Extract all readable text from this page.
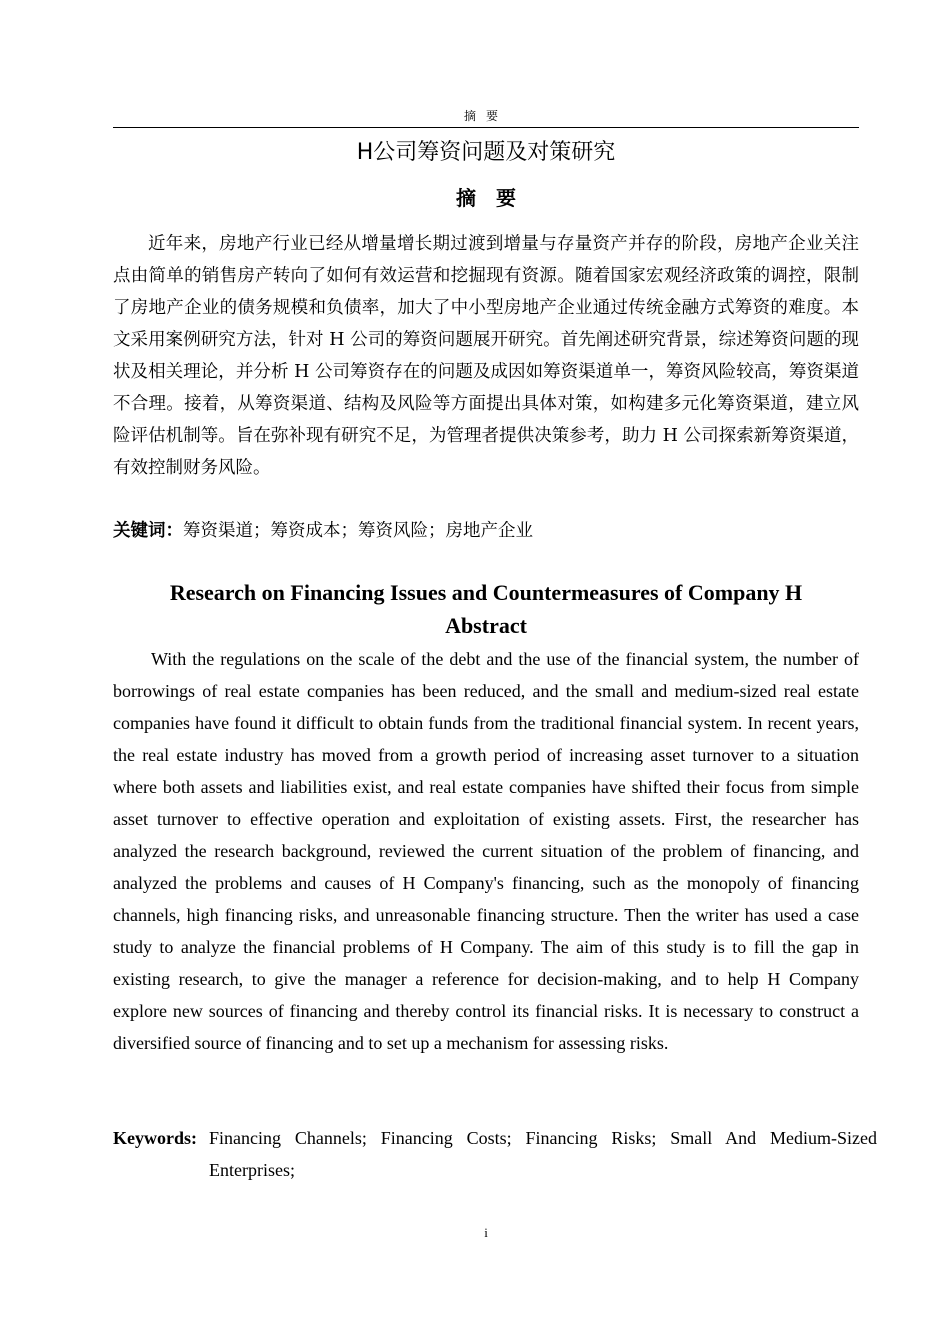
摘要
H公司筹资问题及对策研究
摘要

近年来，房地产行业已经从增量增长期过渡到增量与存量资产并存的阶段，房地产企业关注点由简单的销售房产转向了如何有效运营和挖掘现有资源。随着国家宏观经济政策的调控，限制了房地产企业的债务规模和负债率，加大了中小型房地产企业通过传统金融方式筹资的难度。本文采用案例研究方法，针对 H 公司的筹资问题展开研究。首先阐述研究背景，综述筹资问题的现状及相关理论，并分析 H 公司筹资存在的问题及成因如筹资渠道单一，筹资风险较高，筹资渠道不合理。接着，从筹资渠道、结构及风险等方面提出具体对策，如构建多元化筹资渠道，建立风险评估机制等。旨在弥补现有研究不足，为管理者提供决策参考，助力 H 公司探索新筹资渠道，有效控制财务风险。

关键词：筹资渠道；筹资成本；筹资风险；房地产企业
Research on Financing Issues and Countermeasures of Company H
Abstract

With the regulations on the scale of the debt and the use of the financial system, the number of borrowings of real estate companies has been reduced, and the small and medium-sized real estate companies have found it difficult to obtain funds from the traditional financial system. In recent years, the real estate industry has moved from a growth period of increasing asset turnover to a situation where both assets and liabilities exist, and real estate companies have shifted their focus from simple asset turnover to effective operation and exploitation of existing assets. First, the researcher has analyzed the research background, reviewed the current situation of the problem of financing, and analyzed the problems and causes of H Company's financing, such as the monopoly of financing channels, high financing risks, and unreasonable financing structure. Then the writer has used a case study to analyze the financial problems of H Company. The aim of this study is to fill the gap in existing research, to give the manager a reference for decision-making, and to help H Company explore new sources of financing and thereby control its financial risks. It is necessary to construct a diversified source of financing and to set up a mechanism for assessing risks.

Keywords: Financing Channels; Financing Costs; Financing Risks; Small And Medium-Sized Enterprises;
i
